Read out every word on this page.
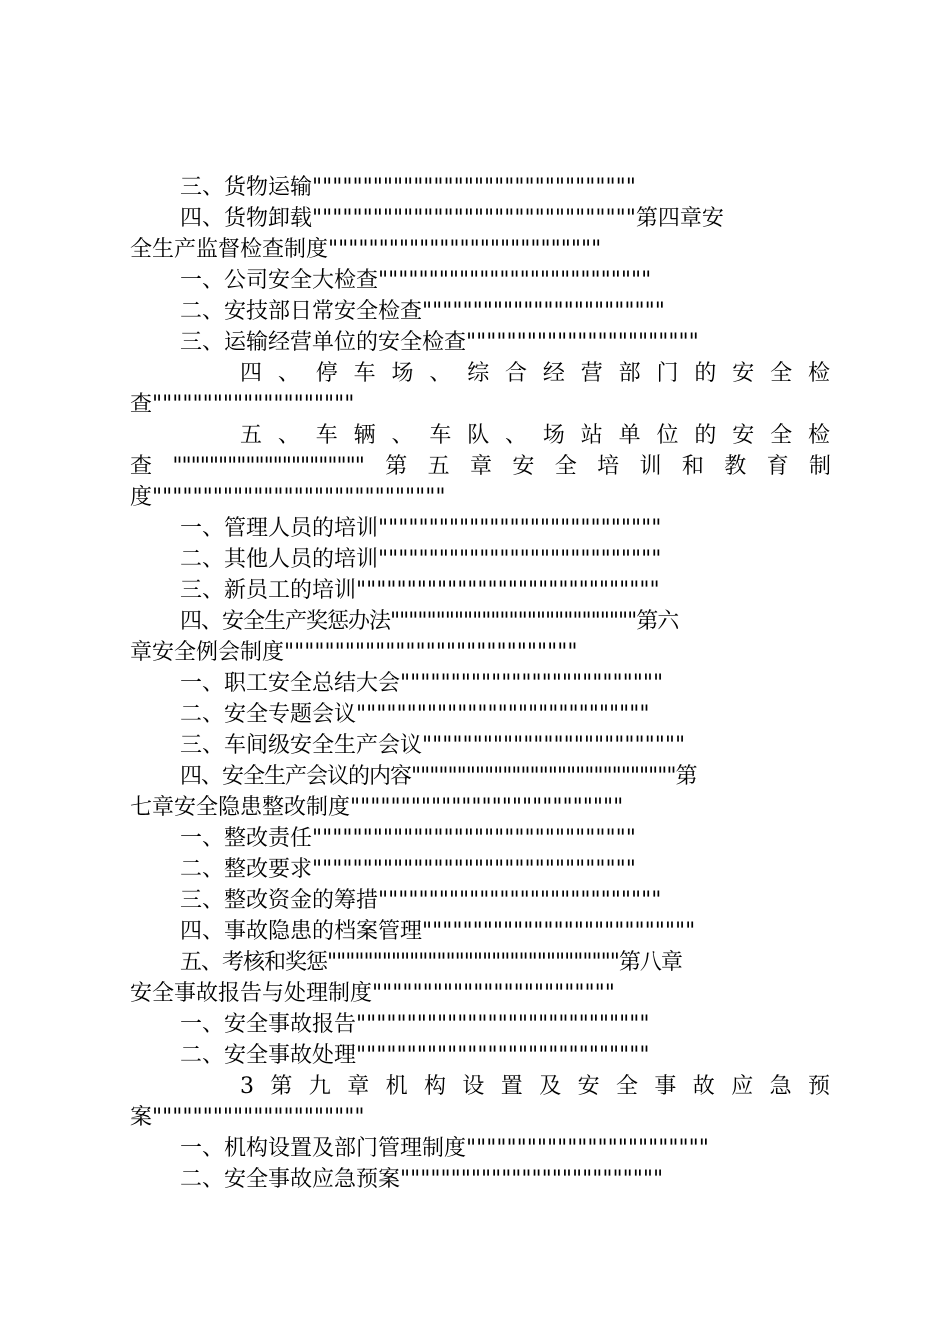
三、货物运输""""""""""""""""""""""""""""""""
四、货物卸载""""""""""""""""""""""""""""""""第四章安
全生产监督检查制度"""""""""""""""""""""""""""
一、公司安全大检查"""""""""""""""""""""""""""
二、安技部日常安全检查""""""""""""""""""""""""
三、运输经营单位的安全检查"""""""""""""""""""""""
四、停车场、综合经营部门的安全检
查""""""""""""""""""""
五、车辆、车队、场站单位的安全检
查"""""""""""""""""""""第五章安全培训和教育制
度"""""""""""""""""""""""""""""
一、管理人员的培训""""""""""""""""""""""""""""
二、其他人员的培训""""""""""""""""""""""""""""
三、新员工的培训""""""""""""""""""""""""""""""
四、安全生产奖惩办法"""""""""""""""""""""""""""第六
章安全例会制度"""""""""""""""""""""""""""""
一、职工安全总结大会""""""""""""""""""""""""""
二、安全专题会议"""""""""""""""""""""""""""""
三、车间级安全生产会议""""""""""""""""""""""""""
四、安全生产会议的内容"""""""""""""""""""""""""""""第
七章安全隐患整改制度"""""""""""""""""""""""""""
一、整改责任""""""""""""""""""""""""""""""""
二、整改要求""""""""""""""""""""""""""""""""
三、整改资金的筹措""""""""""""""""""""""""""""
四、事故隐患的档案管理"""""""""""""""""""""""""""
五、考核和奖惩""""""""""""""""""""""""""""""""第八章
安全事故报告与处理制度""""""""""""""""""""""""
一、安全事故报告"""""""""""""""""""""""""""""
二、安全事故处理"""""""""""""""""""""""""""""
3第九章机构设置及安全事故应急预
案"""""""""""""""""""""
一、机构设置及部门管理制度""""""""""""""""""""""""
二、安全事故应急预案""""""""""""""""""""""""""
